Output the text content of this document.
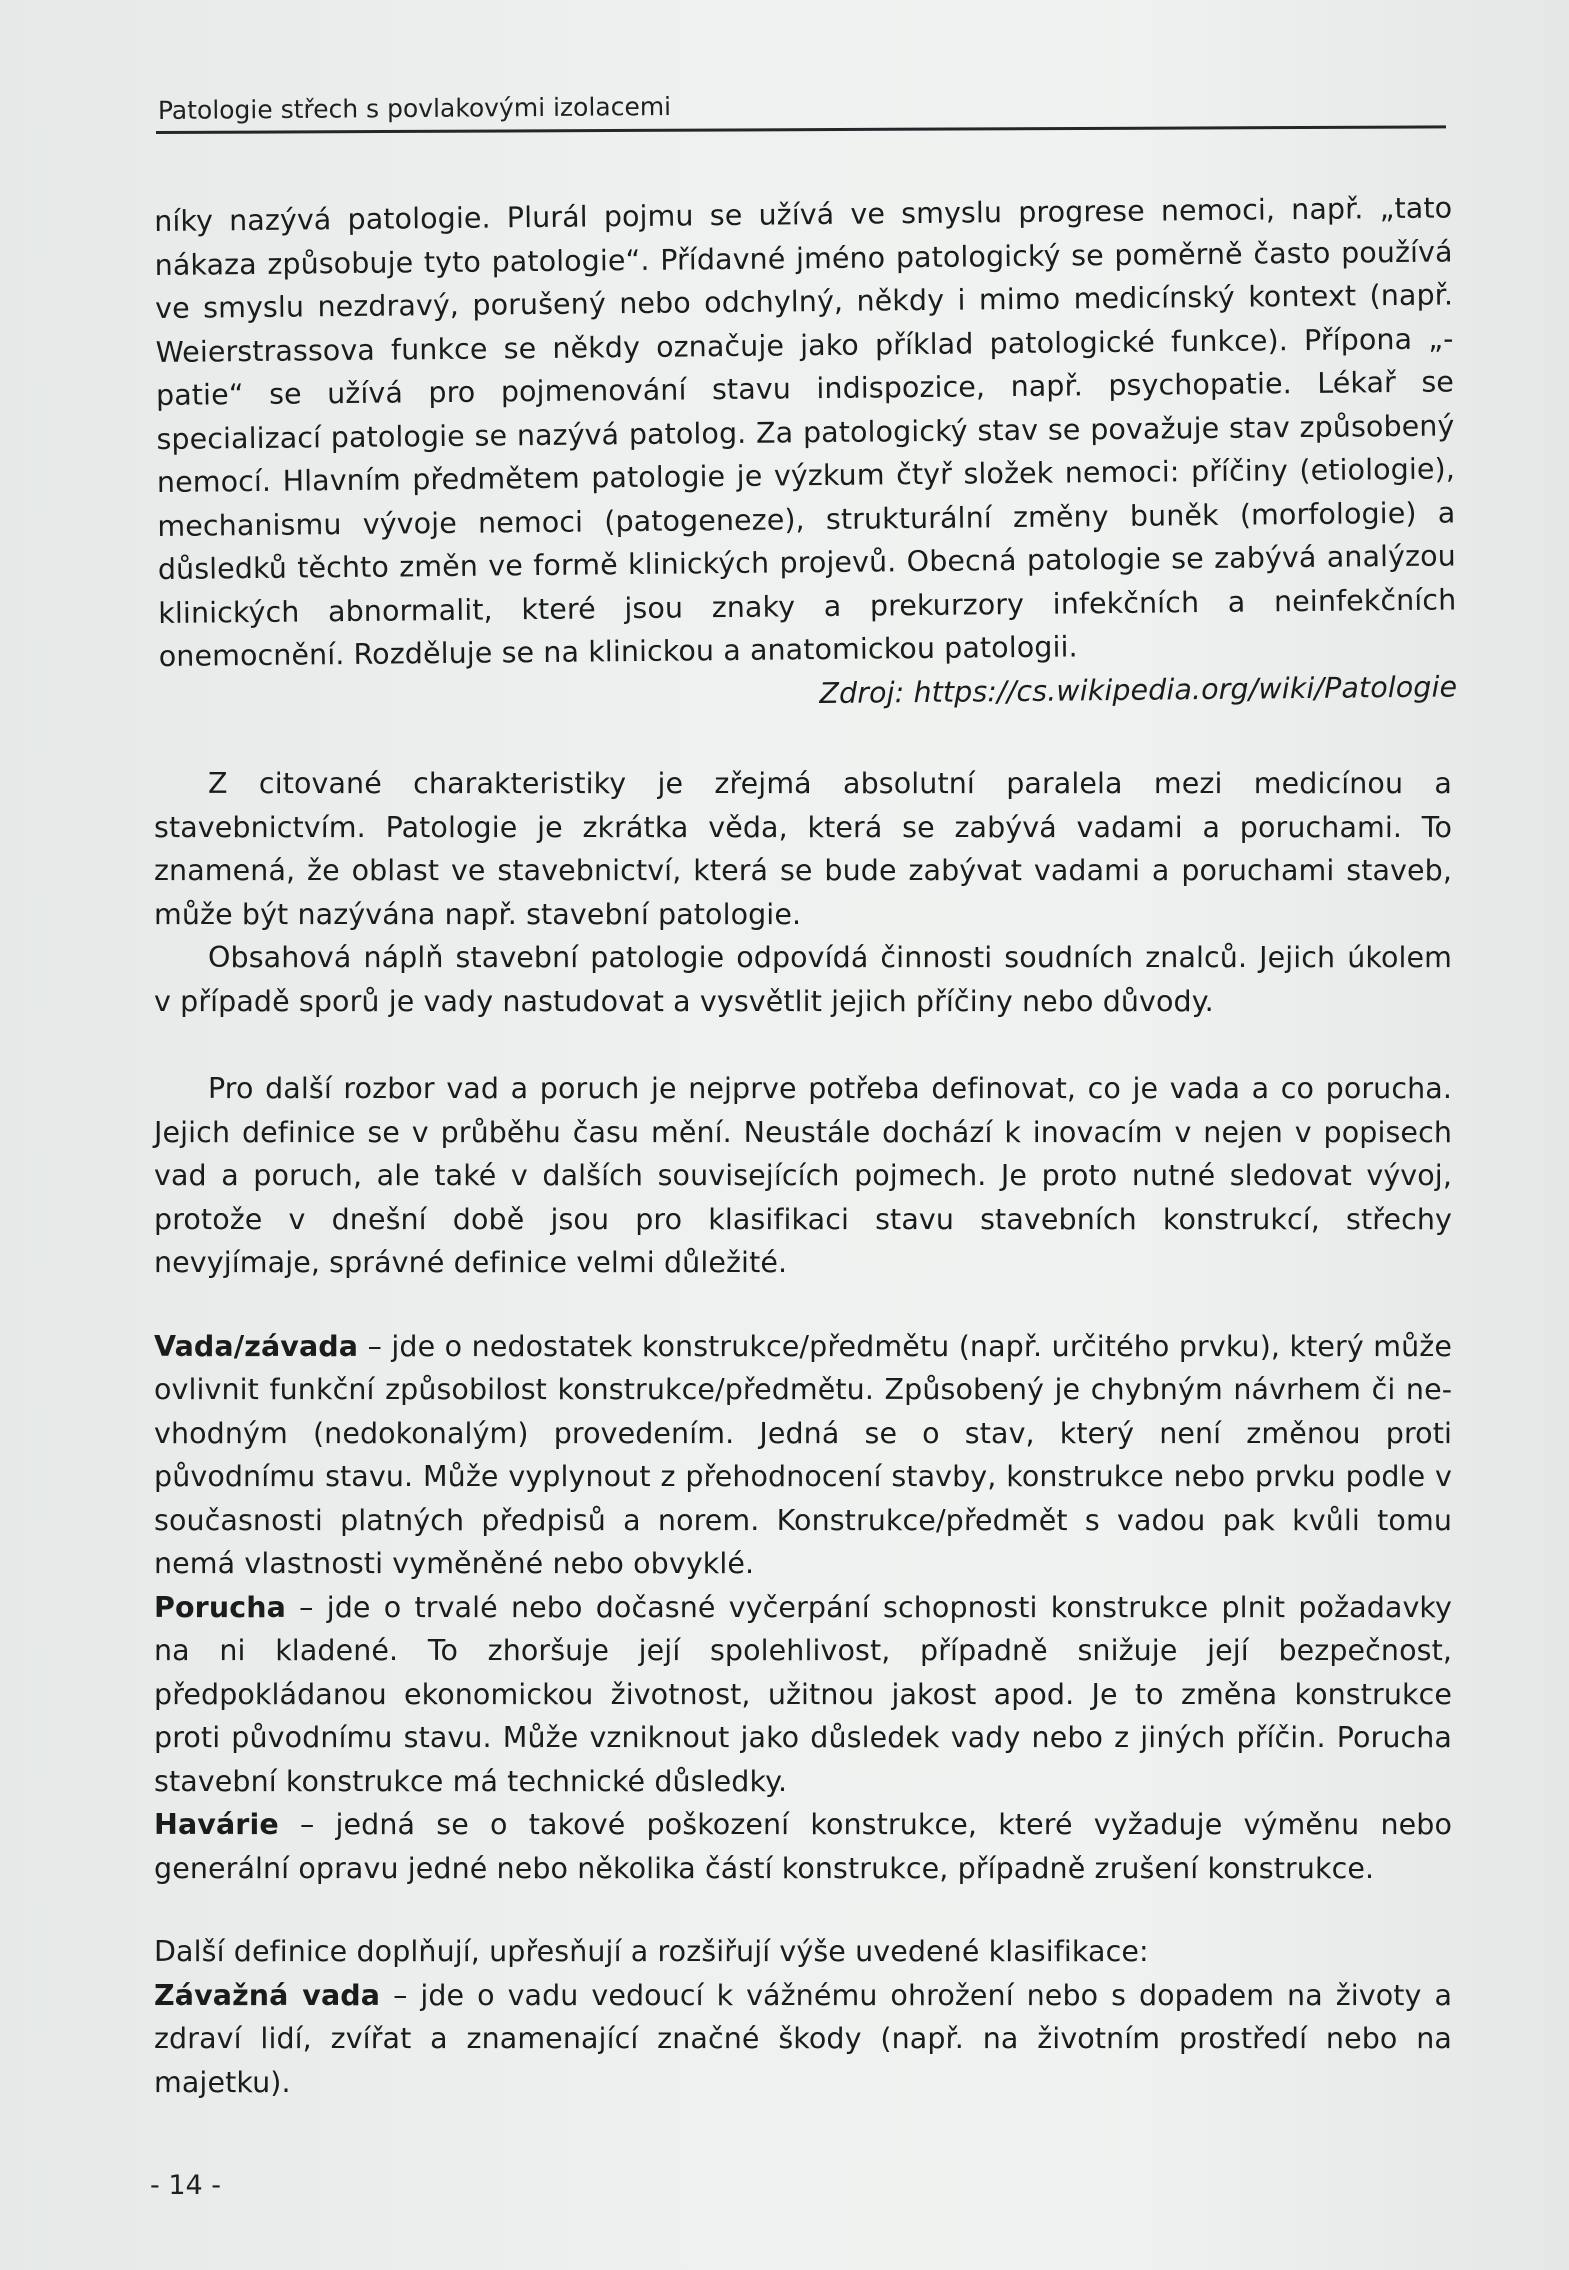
Patologie střech s povlakovými izolacemi

níky nazývá patologie. Plurál pojmu se užívá ve smyslu progrese nemoci, např. „tato nákaza způsobuje tyto patologie“. Přídavné jméno patologický se poměrně často používá ve smyslu nezdravý, porušený nebo odchylný, někdy i mimo medicínský kontext (např. Weierstrassova funkce se někdy označuje jako příklad patologické funkce). Přípona „-patie“ se užívá pro pojmenování stavu indispozice, např. psychopatie. Lékař se specializací patologie se nazývá patolog. Za patologický stav se považuje stav způsobený nemocí. Hlavním předmětem patologie je výzkum čtyř složek nemoci: příčiny (etiologie), mechanismu vývoje nemoci (patogeneze), strukturální změny buněk (morfologie) a důsledků těchto změn ve formě klinických projevů. Obecná patologie se zabývá analýzou klinických abnormalit, které jsou znaky a prekurzory infekčních a neinfekčních onemocnění. Rozděluje se na klinickou a anatomickou patologii.

Zdroj: https://cs.wikipedia.org/wiki/Patologie

Z citované charakteristiky je zřejmá absolutní paralela mezi medicínou a stavebnictvím. Patologie je zkrátka věda, která se zabývá vadami a poruchami. To znamená, že oblast ve stavebnictví, která se bude zabývat vadami a poruchami staveb, může být nazývána např. stavební patologie.

Obsahová náplň stavební patologie odpovídá činnosti soudních znalců. Jejich úkolem v případě sporů je vady nastudovat a vysvětlit jejich příčiny nebo důvody.

Pro další rozbor vad a poruch je nejprve potřeba definovat, co je vada a co porucha. Jejich definice se v průběhu času mění. Neustále dochází k inovacím v nejen v popisech vad a poruch, ale také v dalších souvisejících pojmech. Je proto nutné sledovat vývoj, protože v dnešní době jsou pro klasifikaci stavu stavebních konstrukcí, střechy nevyjímaje, správné definice velmi důležité.

Vada/závada – jde o nedostatek konstrukce/předmětu (např. určitého prvku), který může ovlivnit funkční způsobilost konstrukce/předmětu. Způsobený je chybným návrhem či nevhodným (nedokonalým) provedením. Jedná se o stav, který není změnou proti původnímu stavu. Může vyplynout z přehodnocení stavby, konstrukce nebo prvku podle v současnosti platných předpisů a norem. Konstrukce/předmět s vadou pak kvůli tomu nemá vlastnosti vyměněné nebo obvyklé.

Porucha – jde o trvalé nebo dočasné vyčerpání schopnosti konstrukce plnit požadavky na ni kladené. To zhoršuje její spolehlivost, případně snižuje její bezpečnost, předpokládanou ekonomickou životnost, užitnou jakost apod. Je to změna konstrukce proti původnímu stavu. Může vzniknout jako důsledek vady nebo z jiných příčin. Porucha stavební konstrukce má technické důsledky.

Havárie – jedná se o takové poškození konstrukce, které vyžaduje výměnu nebo generální opravu jedné nebo několika částí konstrukce, případně zrušení konstrukce.

Další definice doplňují, upřesňují a rozšiřují výše uvedené klasifikace:

Závažná vada – jde o vadu vedoucí k vážnému ohrožení nebo s dopadem na životy a zdraví lidí, zvířat a znamenající značné škody (např. na životním prostředí nebo na majetku).

- 14 -
